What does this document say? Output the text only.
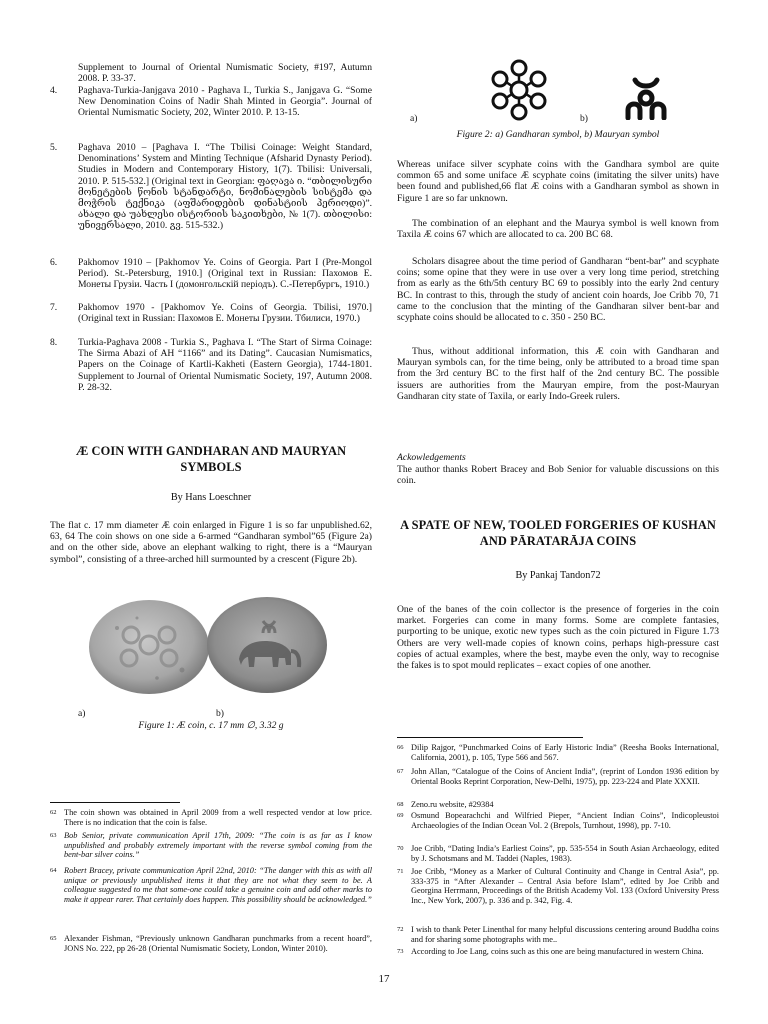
Supplement to Journal of Oriental Numismatic Society, #197, Autumn 2008. P. 33-37.
4. Paghava-Turkia-Janjgava 2010 - Paghava I., Turkia S., Janjgava G. “Some New Denomination Coins of Nadir Shah Minted in Georgia”. Journal of Oriental Numismatic Society, 202, Winter 2010. P. 13-15.
5. Paghava 2010 – [Paghava I. “The Tbilisi Coinage: Weight Standard, Denominations’ System and Minting Technique (Afsharid Dynasty Period). Studies in Modern and Contemporary History, 1(7). Tbilisi: Universali, 2010. P. 515-532.] (Original text in Georgian: ფაღავა ი. “თბილისური მონეტების წონის სტანდარტი, ნომინალების სისტემა და მოჭრის ტექნიკა (აფშარიდების დინასტიის პერიოდი)”. ახალი და უახლესი ისტორიის საკითხები, № 1(7). თბილისი: უნივერსალი, 2010. გვ. 515-532.)
6. Pakhomov 1910 – [Pakhomov Ye. Coins of Georgia. Part I (Pre-Mongol Period). St.-Petersburg, 1910.] (Original text in Russian: Пахомов Е. Монеты Грузіи. Часть I (домонгольскій періодъ). С.-Петербургъ, 1910.)
7. Pakhomov 1970 - [Pakhomov Ye. Coins of Georgia. Tbilisi, 1970.] (Original text in Russian: Пахомов Е. Монеты Грузии. Тбилиси, 1970.)
8. Turkia-Paghava 2008 - Turkia S., Paghava I. “The Start of Sirma Coinage: The Sirma Abazi of AH “1166” and its Dating”. Caucasian Numismatics, Papers on the Coinage of Kartli-Kakheti (Eastern Georgia), 1744-1801. Supplement to Journal of Oriental Numismatic Society, 197, Autumn 2008. P. 28-32.
Æ COIN WITH GANDHARAN AND MAURYAN SYMBOLS
By Hans Loeschner

The flat c. 17 mm diameter Æ coin enlarged in Figure 1 is so far unpublished.62, 63, 64 The coin shows on one side a 6-armed “Gandharan symbol”65 (Figure 2a) and on the other side, above an elephant walking to right, there is a “Mauryan symbol”, consisting of a three-arched hill surmounted by a crescent (Figure 2b).

a)	b)
Figure 1: Æ coin, c. 17 mm ∅, 3.32 g
62 The coin shown was obtained in April 2009 from a well respected vendor at low price. There is no indication that the coin is false.
63 Bob Senior, private communication April 17th, 2009: “The coin is as far as I know unpublished and probably extremely important with the reverse symbol coming from the bent-bar silver coins.”
64 Robert Bracey, private communication April 22nd, 2010: “The danger with this as with all unique or previously unpublished items it that they are not what they seem to be. A colleague suggested to me that some-one could take a genuine coin and add other marks to make it appear rarer. That certainly does happen. This possibility should be acknowledged.”
65 Alexander Fishman, “Previously unknown Gandharan punchmarks from a recent hoard”, JONS No. 222, pp 26-28 (Oriental Numismatic Society, London, Winter 2010).
a)	b)
Figure 2: a) Gandharan symbol, b) Mauryan symbol

Whereas uniface silver scyphate coins with the Gandhara symbol are quite common 65 and some uniface Æ scyphate coins (imitating the silver units) have been found and published,66 flat Æ coins with a Gandharan symbol as shown in Figure 1 are so far unknown.

The combination of an elephant and the Maurya symbol is well known from Taxila Æ coins 67 which are allocated to ca. 200 BC 68.

Scholars disagree about the time period of Gandharan “bent-bar” and scyphate coins; some opine that they were in use over a very long time period, stretching from as early as the 6th/5th century BC 69 to possibly into the early 2nd century BC. In contrast to this, through the study of ancient coin hoards, Joe Cribb 70, 71 came to the conclusion that the minting of the Gandharan silver bent-bar and scyphate coins should be allocated to c. 350 - 250 BC.

Thus, without additional information, this Æ coin with Gandharan and Mauryan symbols can, for the time being, only be attributed to a broad time span from the 3rd century BC to the first half of the 2nd century BC. The possible issuers are authorities from the Mauryan empire, from the post-Mauryan Gandharan city state of Taxila, or early Indo-Greek rulers.

Ackowledgements

The author thanks Robert Bracey and Bob Senior for valuable discussions on this coin.

A SPATE OF NEW, TOOLED FORGERIES OF KUSHAN AND PĀRATARĀJA COINS
By Pankaj Tandon72

One of the banes of the coin collector is the presence of forgeries in the coin market. Forgeries can come in many forms. Some are complete fantasies, purporting to be unique, exotic new types such as the coin pictured in Figure 1.73 Others are very well-made copies of known coins, perhaps high-pressure cast copies of actual examples, where the best, maybe even the only, way to recognise the fakes is to spot mould replicates – exact copies of one another.

66 Dilip Rajgor, “Punchmarked Coins of Early Historic India” (Reesha Books International, California, 2001), p. 105, Type 566 and 567.
67 John Allan, “Catalogue of the Coins of Ancient India”, (reprint of London 1936 edition by Oriental Books Reprint Corporation, New-Delhi, 1975), pp. 223-224 and Plate XXXII.
68 Zeno.ru website, #29384
69 Osmund Bopearachchi and Wilfried Pieper, “Ancient Indian Coins”, Indicopleustoi Archaeologies of the Indian Ocean Vol. 2 (Brepols, Turnhout, 1998), pp. 7-10.
70 Joe Cribb, “Dating India’s Earliest Coins”, pp. 535-554 in South Asian Archaeology, edited by J. Schotsmans and M. Taddei (Naples, 1983).
71 Joe Cribb, “Money as a Marker of Cultural Continuity and Change in Central Asia”, pp. 333-375 in “After Alexander – Central Asia before Islam”, edited by Joe Cribb and Georgina Herrmann, Proceedings of the British Academy Vol. 133 (Oxford University Press Inc., New York, 2007), p. 336 and p. 342, Fig. 4.
72 I wish to thank Peter Linenthal for many helpful discussions centering around Buddha coins and for sharing some photographs with me..
73 According to Joe Lang, coins such as this one are being manufactured in western China.
17
